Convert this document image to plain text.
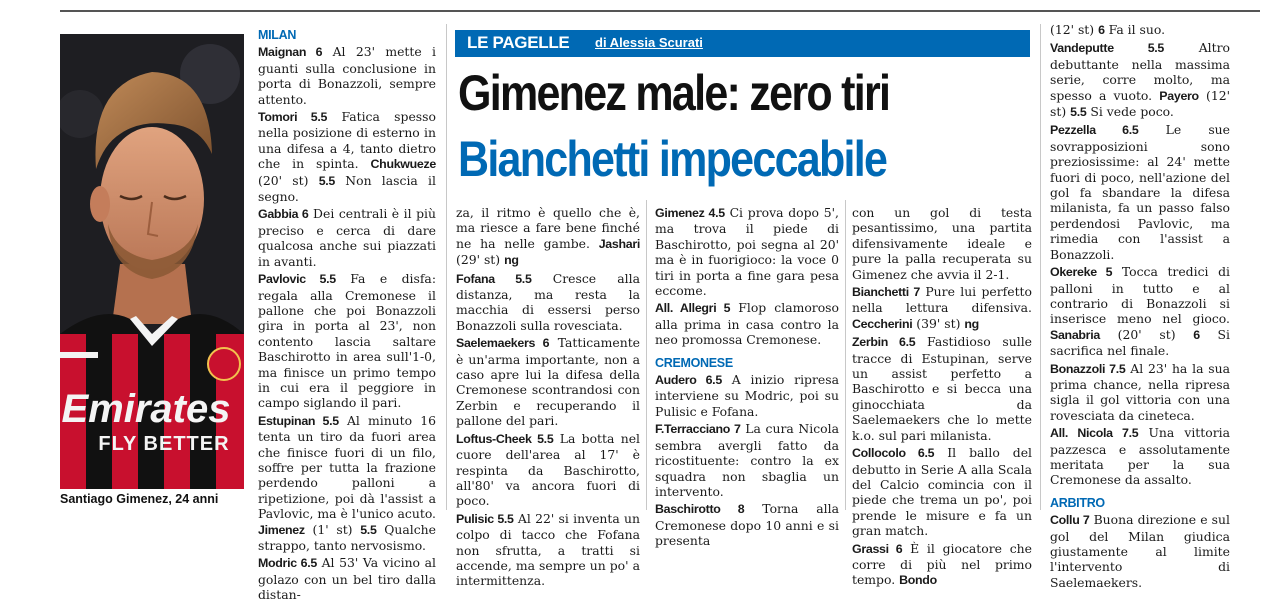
Emirates
FLY BETTER
Santiago Gimenez, 24 anni
MILAN

Maignan 6 Al 23' mette i guanti sulla conclusione in porta di Bonazzoli, sempre attento.

Tomori 5.5 Fatica spesso nella posizione di esterno in una difesa a 4, tanto dietro che in spinta. Chukwueze (20' st) 5.5 Non lascia il segno.

Gabbia 6 Dei centrali è il più preciso e cerca di dare qualcosa anche sui piazzati in avanti.

Pavlovic 5.5 Fa e disfa: regala alla Cremonese il pallone che poi Bonazzoli gira in porta al 23', non contento lascia saltare Baschirotto in area sull'1-0, ma finisce un primo tempo in cui era il peggiore in campo siglando il pari.

Estupinan 5.5 Al minuto 16 tenta un tiro da fuori area che finisce fuori di un filo, soffre per tutta la frazione perdendo palloni a ripetizione, poi dà l'assist a Pavlovic, ma è l'unico acuto. Jimenez (1' st) 5.5 Qualche strappo, tanto nervosismo.

Modric 6.5 Al 53' Va vicino al golazo con un bel tiro dalla distan-

LE PAGELLE di Alessia Scurati
Gimenez male: zero tiri
Bianchetti impeccabile

za, il ritmo è quello che è, ma riesce a fare bene finché ne ha nelle gambe. Jashari (29' st) ng

Fofana 5.5 Cresce alla distanza, ma resta la macchia di essersi perso Bonazzoli sulla rovesciata.

Saelemaekers 6 Tatticamente è un'arma importante, non a caso apre lui la difesa della Cremonese scontrandosi con Zerbin e recuperando il pallone del pari.

Loftus-Cheek 5.5 La botta nel cuore dell'area al 17' è respinta da Baschirotto, all'80' va ancora fuori di poco.

Pulisic 5.5 Al 22' si inventa un colpo di tacco che Fofana non sfrutta, a tratti si accende, ma sempre un po' a intermittenza.

Gimenez 4.5 Ci prova dopo 5', ma trova il piede di Baschirotto, poi segna al 20' ma è in fuorigioco: la voce 0 tiri in porta a fine gara pesa eccome.

All. Allegri 5 Flop clamoroso alla prima in casa contro la neo promossa Cremonese.

CREMONESE

Audero 6.5 A inizio ripresa interviene su Modric, poi su Pulisic e Fofana.

F.Terracciano 7 La cura Nicola sembra avergli fatto da ricostituente: contro la ex squadra non sbaglia un intervento.

Baschirotto 8 Torna alla Cremonese dopo 10 anni e si presenta

con un gol di testa pesantissimo, una partita difensivamente ideale e pure la palla recuperata su Gimenez che avvia il 2-1.

Bianchetti 7 Pure lui perfetto nella lettura difensiva. Ceccherini (39' st) ng

Zerbin 6.5 Fastidioso sulle tracce di Estupinan, serve un assist perfetto a Baschirotto e si becca una ginocchiata da Saelemaekers che lo mette k.o. sul pari milanista.

Collocolo 6.5 Il ballo del debutto in Serie A alla Scala del Calcio comincia con il piede che trema un po', poi prende le misure e fa un gran match.

Grassi 6 È il giocatore che corre di più nel primo tempo. Bondo

(12' st) 6 Fa il suo.

Vandeputte 5.5 Altro debuttante nella massima serie, corre molto, ma spesso a vuoto. Payero (12' st) 5.5 Si vede poco.

Pezzella 6.5 Le sue sovrapposizioni sono preziosissime: al 24' mette fuori di poco, nell'azione del gol fa sbandare la difesa milanista, fa un passo falso perdendosi Pavlovic, ma rimedia con l'assist a Bonazzoli.

Okereke 5 Tocca tredici di palloni in tutto e al contrario di Bonazzoli si inserisce meno nel gioco. Sanabria (20' st) 6 Si sacrifica nel finale.

Bonazzoli 7.5 Al 23' ha la sua prima chance, nella ripresa sigla il gol vittoria con una rovesciata da cineteca.

All. Nicola 7.5 Una vittoria pazzesca e assolutamente meritata per la sua Cremonese da assalto.

ARBITRO

Collu 7 Buona direzione e sul gol del Milan giudica giustamente al limite l'intervento di Saelemaekers.
